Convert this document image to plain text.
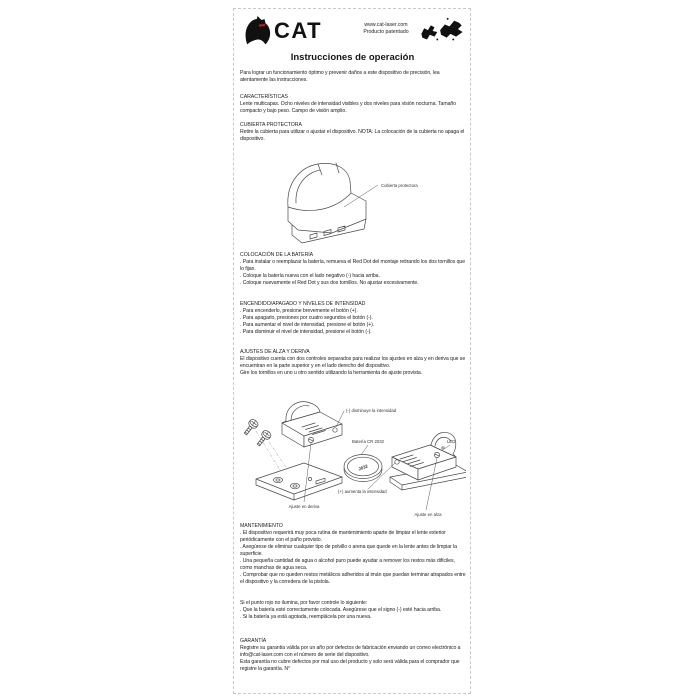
CAT	www.cat-laser.com
Producto patentado
Instrucciones de operación
Para lograr un funcionamiento óptimo y prevenir daños a este dispositivo de precisión, lea atentamente las instrucciones.
CARACTERÍSTICAS
Lente multicapas. Ocho niveles de intensidad visibles y dos niveles para visión nocturna. Tamaño compacto y bajo peso. Campo de visión amplio.
CUBIERTA PROTECTORA
Retire la cubierta para utilizar o ajustar el dispositivo. NOTA: La colocación de la cubierta no apaga el dispositivo.
Cubierta protectora
COLOCACIÓN DE LA BATERÍA
. Para instalar o reemplazar la batería, remueva el Red Dot del montaje retirando los dos tornillos que lo fijan.
. Coloque la batería nueva con el lado negativo (-) hacia arriba.
. Coloque nuevamente el Red Dot y sus dos tornillos. No ajustar excesivamente.
ENCENDIDO/APAGADO Y NIVELES DE INTENSIDAD
. Para encenderlo, presione brevemente el botón (+).
. Para apagarlo, presiones por cuatro segundos el botón (-).
. Para aumentar el nivel de intensidad, presione el botón (+).
. Para disminuir el nivel de intensidad, presione el botón (-).
AJUSTES DE ALZA Y DERIVA
El dispositivo cuenta con dos controles separados para realizar los ajustes en alza y en deriva que se encuentran en la parte superior y en el lado derecho del dispositivo.
Gire los tornillos en uno u otro sentido utilizando la herramienta de ajuste provista.
2032
(-) disminuye la intensidad
Batería CR 2032	LED
(+) aumenta la intensidad
Ajuste en deriva
Ajuste en alza
MANTENIMIENTO
. El dispositivo requerirá muy poca rutina de mantenimiento aparte de limpiar el lente exterior periódicamente con el paño provisto.
. Asegúrese de eliminar cualquier tipo de polvillo o arena que quede en la lente antes de limpiar la superficie.
. Una pequeña cantidad de agua o alcohol puro puede ayudar a remover los restos más difíciles, como manchas de agua seca.
. Comprobar que no queden restos metálicos adheridos al imán que puedan terminar atrapados entre el dispositivo y la corredera de la pistola.
Si el punto rojo no ilumina, por favor controle lo siguiente:
. Que la batería esté correctamente colocada. Asegúrese que el signo (-) esté hacia arriba.
. Si la batería ya está agotada, reemplácela por una nueva.
GARANTÍA
Registre su garantía válida por un año por defectos de fabricación enviando un correo electrónico a info@cat-laser.com con el número de serie del dispositivo.
Esta garantía no cubre defectos por mal uso del producto y solo será válida para el comprador que registre la garantía. N°
